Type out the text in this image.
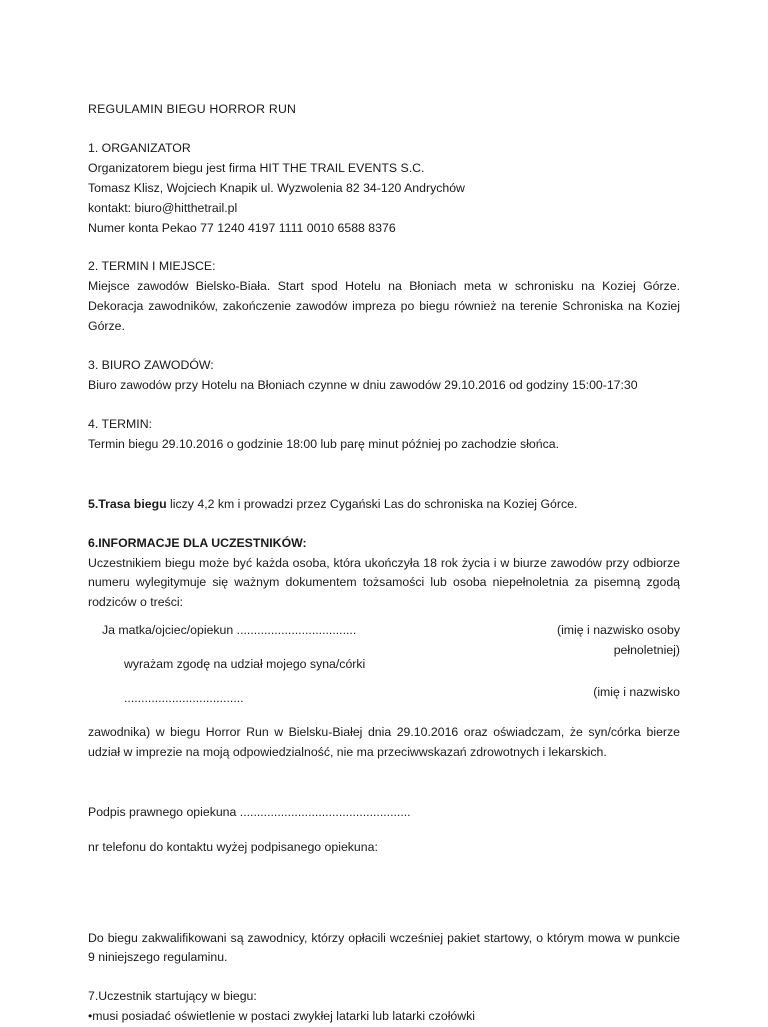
REGULAMIN BIEGU HORROR RUN
1. ORGANIZATOR
Organizatorem biegu jest firma HIT THE TRAIL EVENTS S.C.
Tomasz Klisz, Wojciech Knapik ul. Wyzwolenia 82 34-120 Andrychów
kontakt: biuro@hitthetrail.pl
Numer konta Pekao 77 1240 4197 1111 0010 6588 8376
2. TERMIN I MIEJSCE:
Miejsce zawodów Bielsko-Biała. Start spod Hotelu na Błoniach meta w schronisku na Koziej Górze. Dekoracja zawodników, zakończenie zawodów impreza po biegu również na terenie Schroniska na Koziej Górze.
3. BIURO ZAWODÓW:
Biuro zawodów przy Hotelu na Błoniach czynne w dniu zawodów 29.10.2016 od godziny 15:00-17:30
4. TERMIN:
Termin biegu 29.10.2016 o godzinie 18:00 lub parę minut później po zachodzie słońca.
5.Trasa biegu liczy 4,2 km i prowadzi przez Cygański Las do schroniska na Koziej Górce.
6.INFORMACJE DLA UCZESTNIKÓW:
Uczestnikiem biegu może być każda osoba, która ukończyła 18 rok życia i w biurze zawodów przy odbiorze numeru wylegitymuje się ważnym dokumentem tożsamości lub osoba niepełnoletnia za pisemną zgodą rodziców o treści:
(imię i nazwisko osoby
pełnoletniej)
(imię i nazwisko
Ja matka/ojciec/opiekun ...................................
wyrażam zgodę na udział mojego syna/córki
...................................
zawodnika) w biegu Horror Run w Bielsku-Białej dnia 29.10.2016 oraz oświadczam, że syn/córka bierze udział w imprezie na moją odpowiedzialność, nie ma przeciwwskazań zdrowotnych i lekarskich.
Podpis prawnego opiekuna ..................................................
nr telefonu do kontaktu wyżej podpisanego opiekuna:
Do biegu zakwalifikowani są zawodnicy, którzy opłacili wcześniej pakiet startowy, o którym mowa w punkcie 9 niniejszego regulaminu.
7.Uczestnik startujący w biegu:
•musi posiadać oświetlenie w postaci zwykłej latarki lub latarki czołówki
